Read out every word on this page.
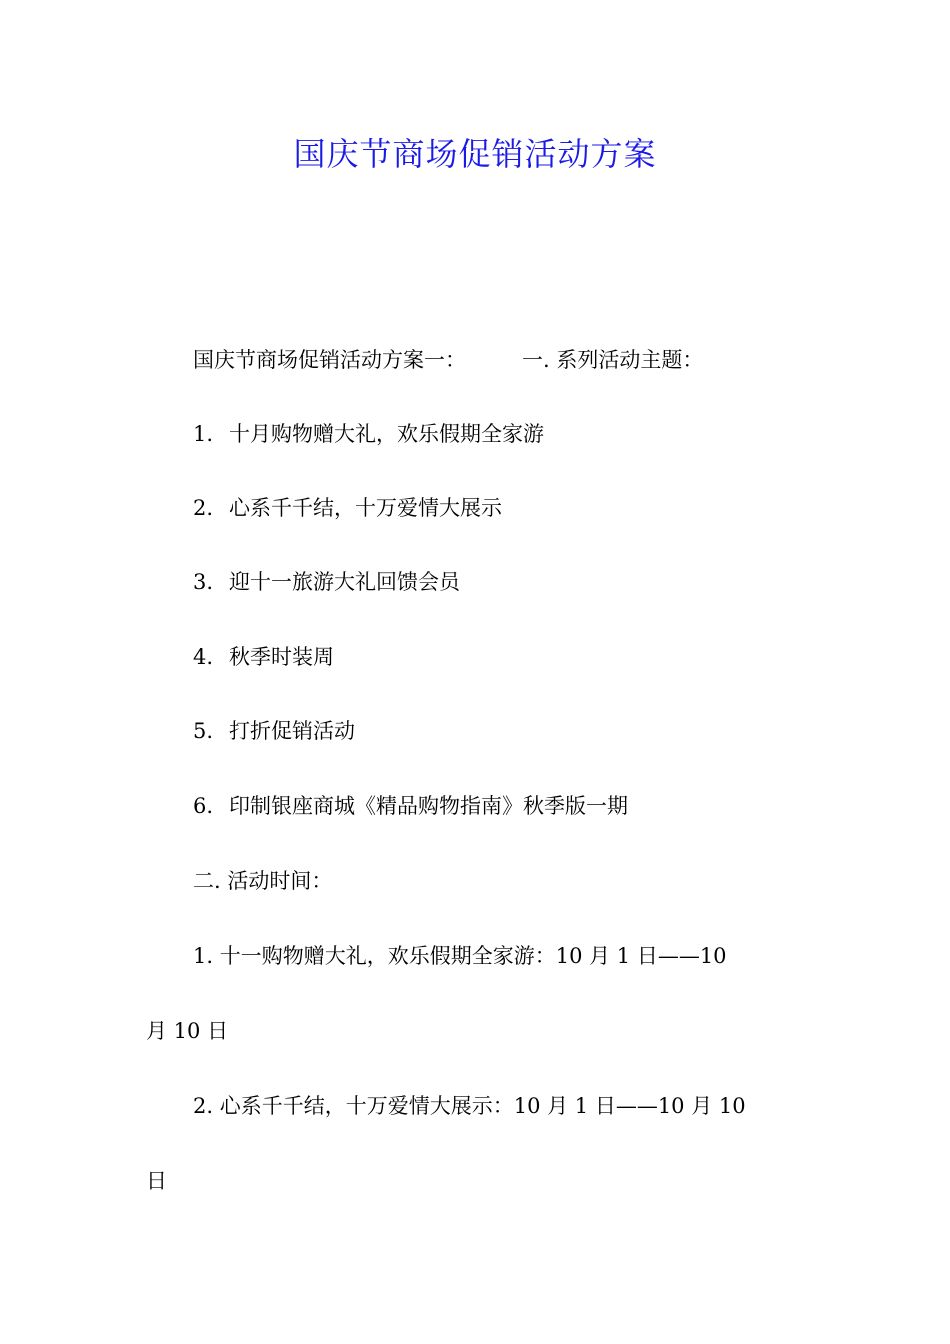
国庆节商场促销活动方案
国庆节商场促销活动方案一：	一. 系列活动主题：
1. 十月购物赠大礼，欢乐假期全家游
2. 心系千千结，十万爱情大展示
3. 迎十一旅游大礼回馈会员
4. 秋季时装周
5. 打折促销活动
6. 印制银座商城《精品购物指南》秋季版一期
二. 活动时间：
1. 十一购物赠大礼，欢乐假期全家游：10 月 1 日——10
月 10 日
2. 心系千千结，十万爱情大展示：10 月 1 日——10 月 10
日
